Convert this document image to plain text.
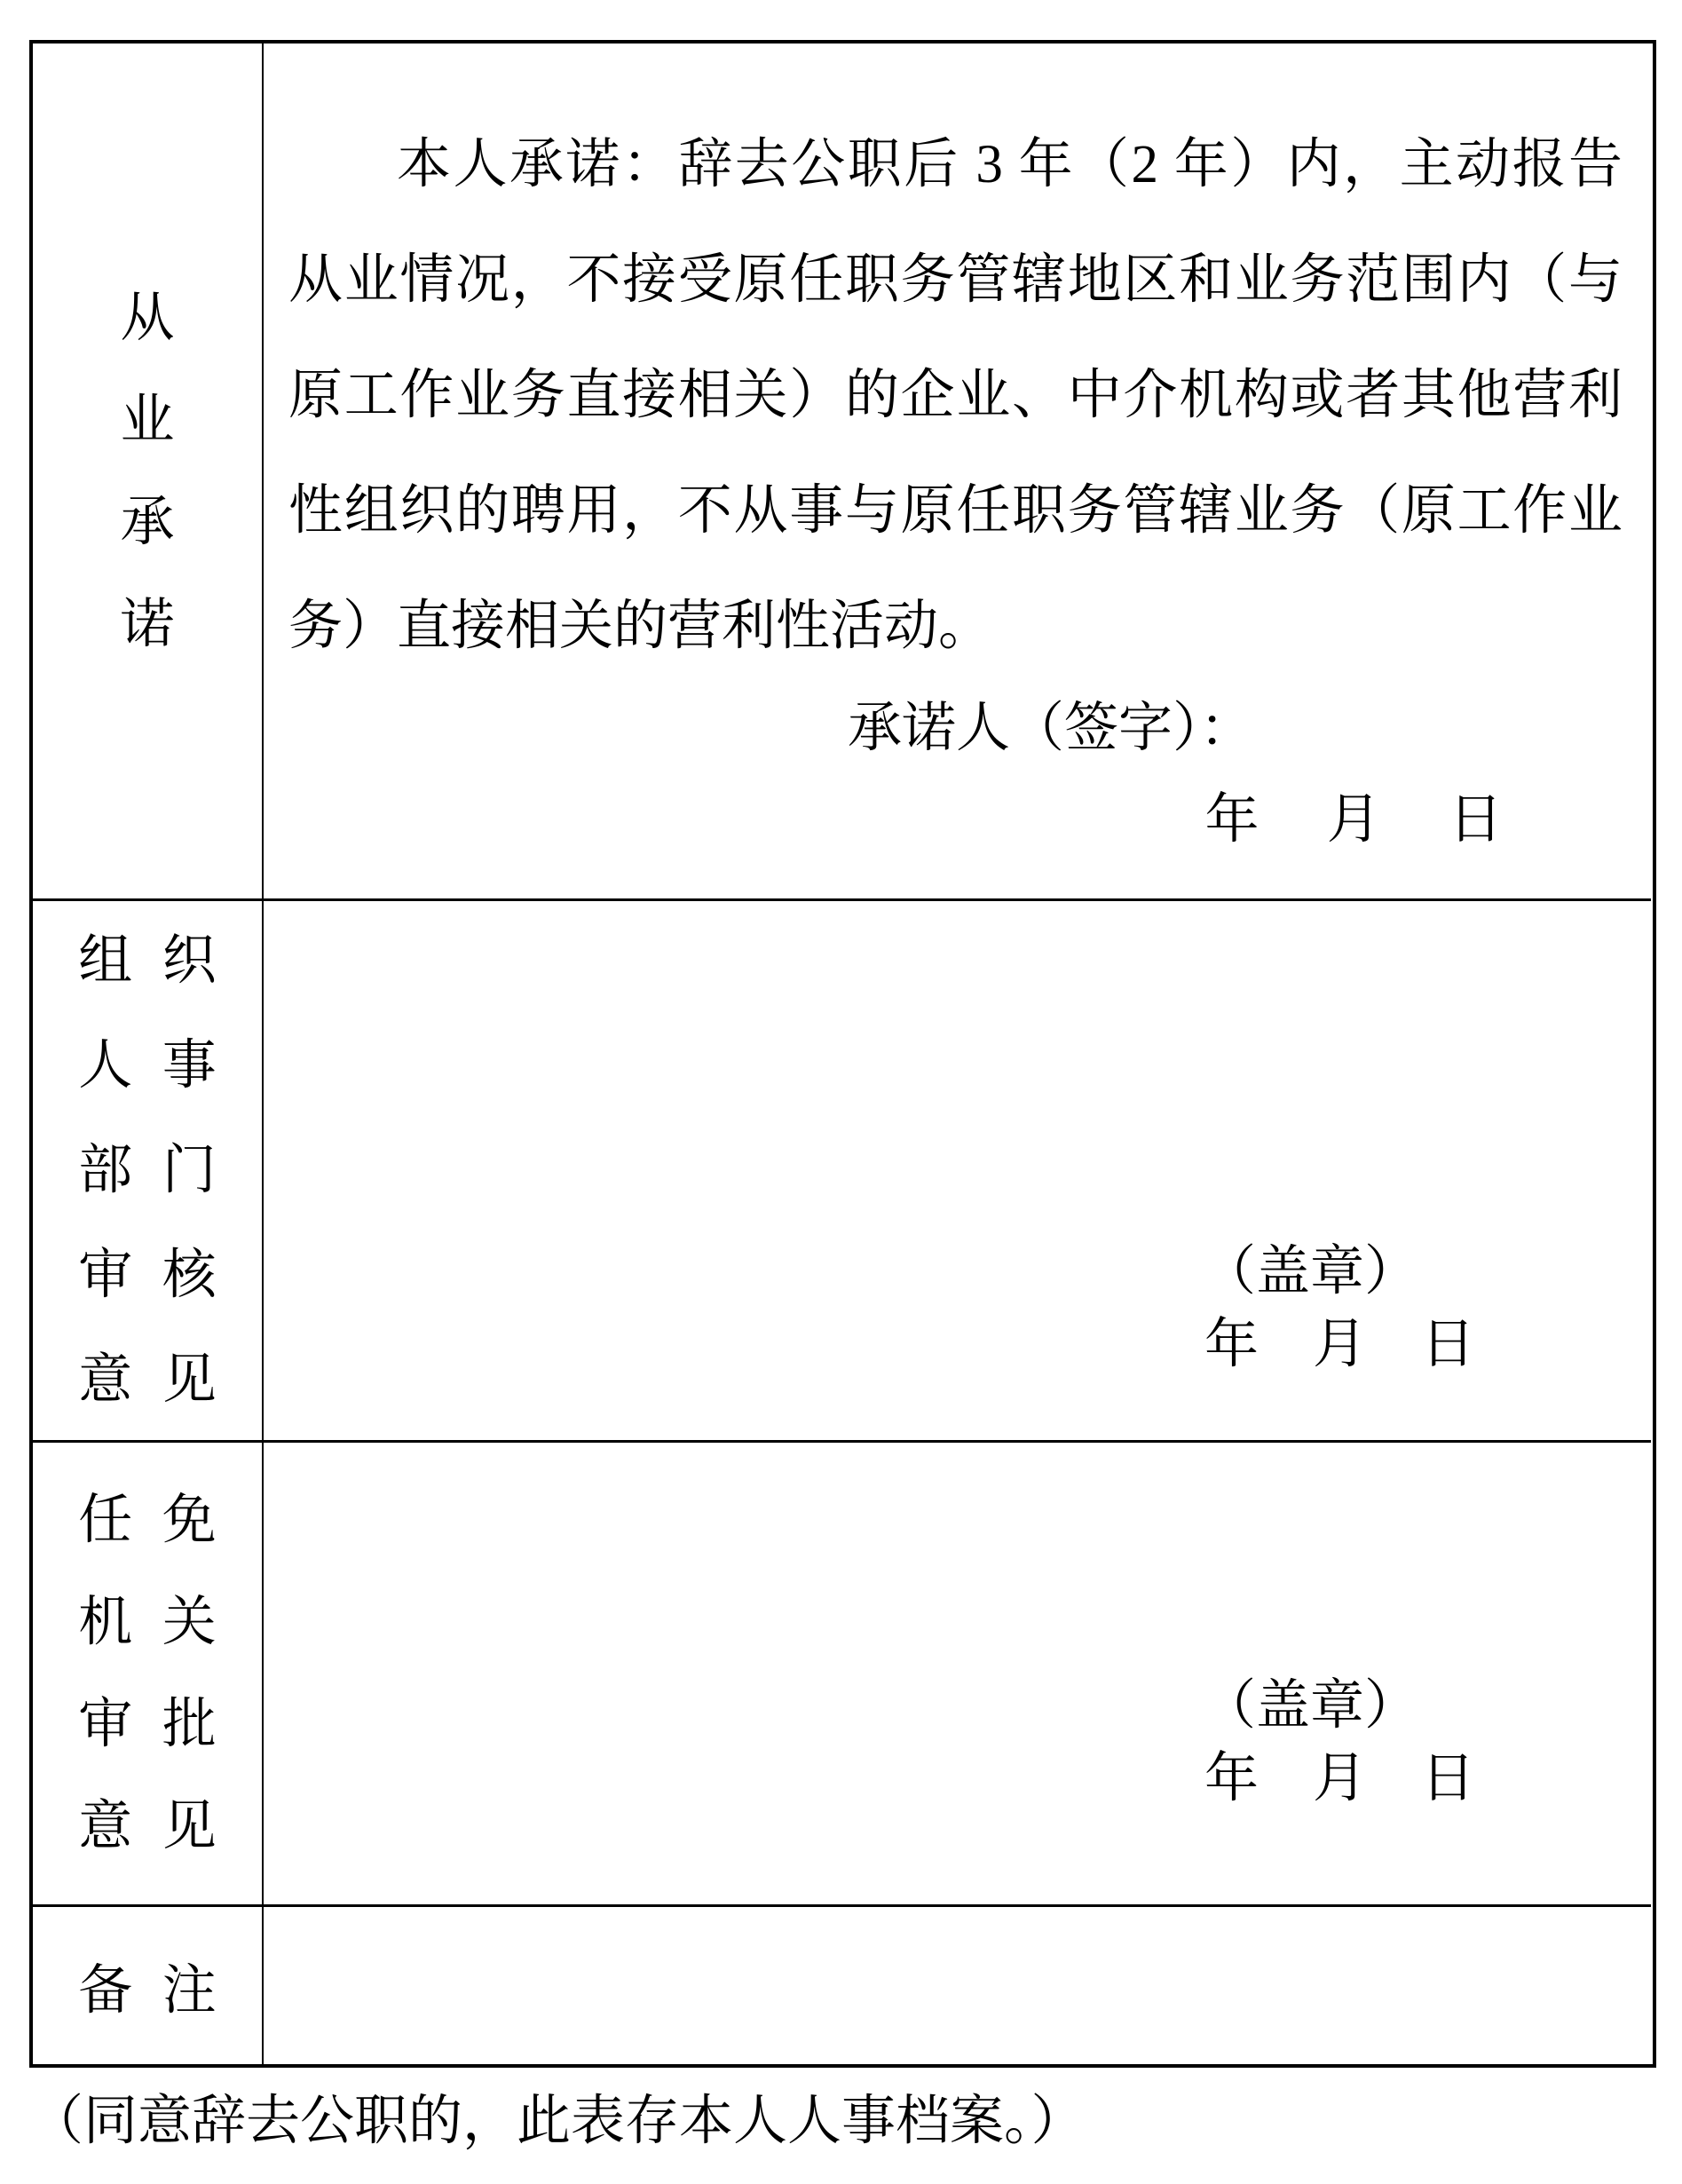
从
业
承
诺

本人承诺：辞去公职后 3 年（2 年）内，主动报告从业情况，不接受原任职务管辖地区和业务范围内（与原工作业务直接相关）的企业、中介机构或者其他营利性组织的聘用，不从事与原任职务管辖业务（原工作业务）直接相关的营利性活动。

承诺人（签字）：
年　 月　 日
组织
人事
部门
审核
意见
（盖章）
年　月　日
任免
机关
审批
意见
（盖章）
年　月　日
备注
（同意辞去公职的，此表存本人人事档案。）
